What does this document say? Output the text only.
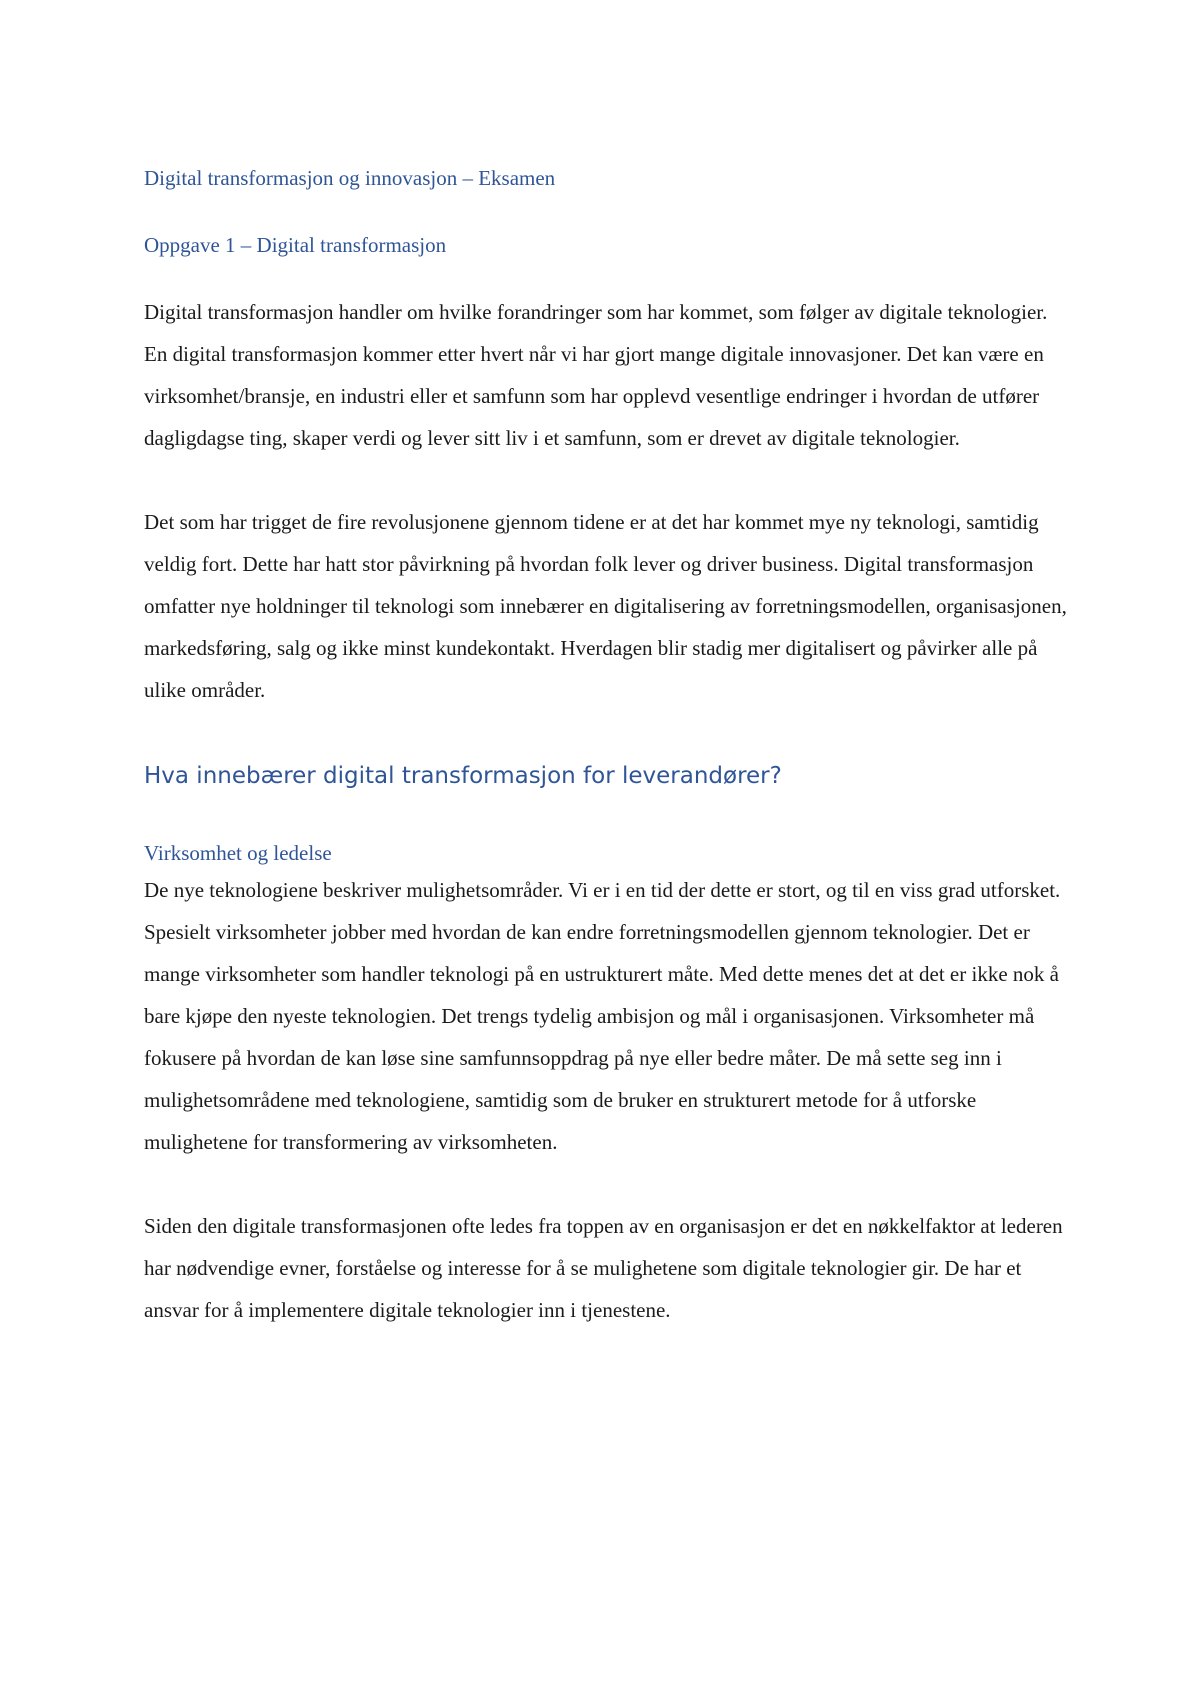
Digital transformasjon og innovasjon – Eksamen

Oppgave 1 – Digital transformasjon

Digital transformasjon handler om hvilke forandringer som har kommet, som følger av digitale teknologier. En digital transformasjon kommer etter hvert når vi har gjort mange digitale innovasjoner. Det kan være en virksomhet/bransje, en industri eller et samfunn som har opplevd vesentlige endringer i hvordan de utfører dagligdagse ting, skaper verdi og lever sitt liv i et samfunn, som er drevet av digitale teknologier.

Det som har trigget de fire revolusjonene gjennom tidene er at det har kommet mye ny teknologi, samtidig veldig fort. Dette har hatt stor påvirkning på hvordan folk lever og driver business. Digital transformasjon omfatter nye holdninger til teknologi som innebærer en digitalisering av forretningsmodellen, organisasjonen, markedsføring, salg og ikke minst kundekontakt. Hverdagen blir stadig mer digitalisert og påvirker alle på ulike områder.

Hva innebærer digital transformasjon for leverandører?

Virksomhet og ledelse

De nye teknologiene beskriver mulighetsområder. Vi er i en tid der dette er stort, og til en viss grad utforsket. Spesielt virksomheter jobber med hvordan de kan endre forretningsmodellen gjennom teknologier. Det er mange virksomheter som handler teknologi på en ustrukturert måte. Med dette menes det at det er ikke nok å bare kjøpe den nyeste teknologien. Det trengs tydelig ambisjon og mål i organisasjonen. Virksomheter må fokusere på hvordan de kan løse sine samfunnsoppdrag på nye eller bedre måter. De må sette seg inn i mulighetsområdene med teknologiene, samtidig som de bruker en strukturert metode for å utforske mulighetene for transformering av virksomheten.

Siden den digitale transformasjonen ofte ledes fra toppen av en organisasjon er det en nøkkelfaktor at lederen har nødvendige evner, forståelse og interesse for å se mulighetene som digitale teknologier gir. De har et ansvar for å implementere digitale teknologier inn i tjenestene.
